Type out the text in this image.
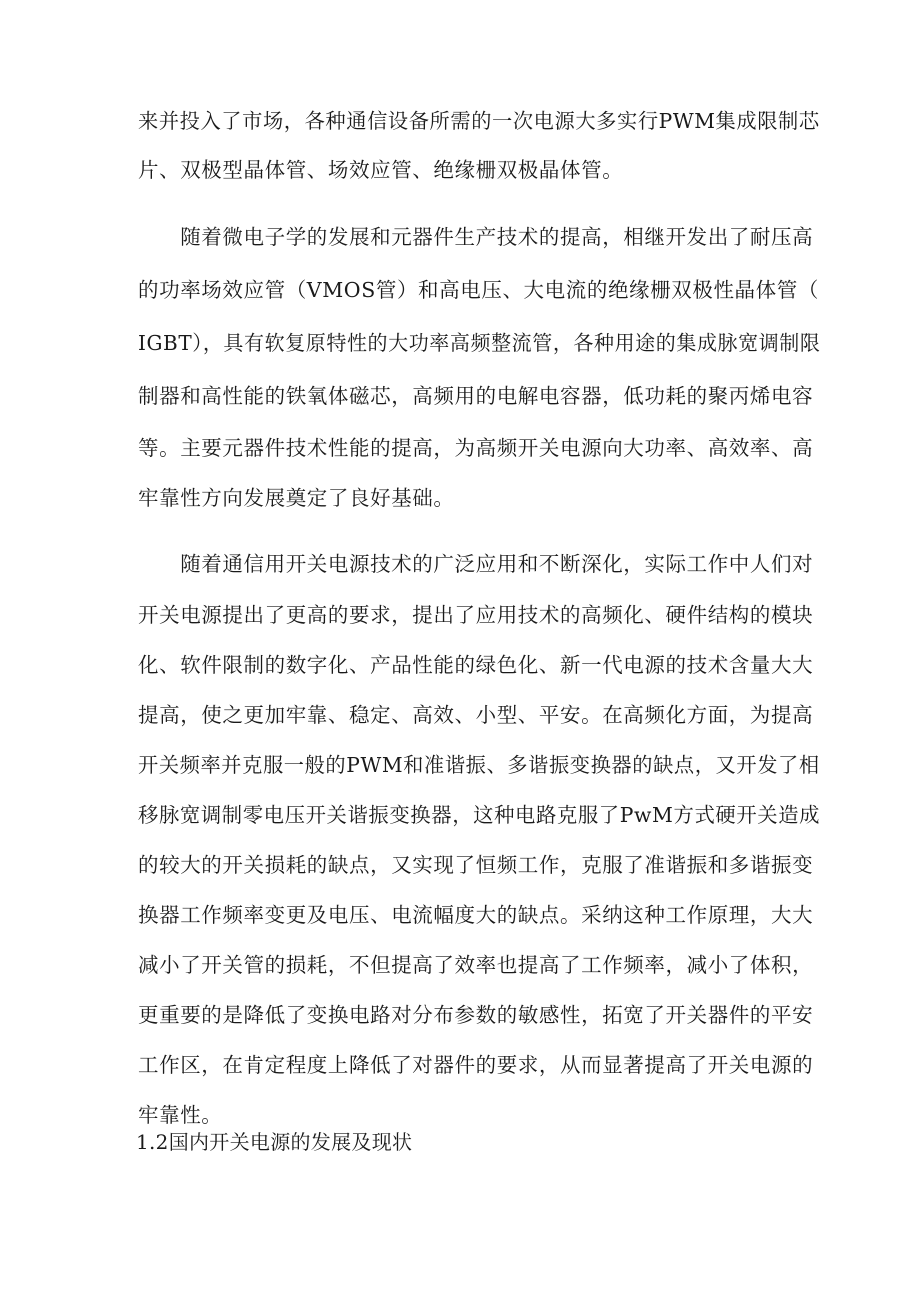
来并投入了市场，各种通信设备所需的一次电源大多实行PWM集成限制芯
片、双极型晶体管、场效应管、绝缘栅双极晶体管。
　　随着微电子学的发展和元器件生产技术的提高，相继开发出了耐压高
的功率场效应管（VMOS管）和高电压、大电流的绝缘栅双极性晶体管（
IGBT），具有软复原特性的大功率高频整流管，各种用途的集成脉宽调制限
制器和高性能的铁氧体磁芯，高频用的电解电容器，低功耗的聚丙烯电容
等。主要元器件技术性能的提高，为高频开关电源向大功率、高效率、高
牢靠性方向发展奠定了良好基础。
　　随着通信用开关电源技术的广泛应用和不断深化，实际工作中人们对
开关电源提出了更高的要求，提出了应用技术的高频化、硬件结构的模块
化、软件限制的数字化、产品性能的绿色化、新一代电源的技术含量大大
提高，使之更加牢靠、稳定、高效、小型、平安。在高频化方面，为提高
开关频率并克服一般的PWM和准谐振、多谐振变换器的缺点，又开发了相
移脉宽调制零电压开关谐振变换器，这种电路克服了PwM方式硬开关造成
的较大的开关损耗的缺点，又实现了恒频工作，克服了准谐振和多谐振变
换器工作频率变更及电压、电流幅度大的缺点。采纳这种工作原理，大大
减小了开关管的损耗，不但提高了效率也提高了工作频率，减小了体积，
更重要的是降低了变换电路对分布参数的敏感性，拓宽了开关器件的平安
工作区，在肯定程度上降低了对器件的要求，从而显著提高了开关电源的
牢靠性。
1.2国内开关电源的发展及现状
